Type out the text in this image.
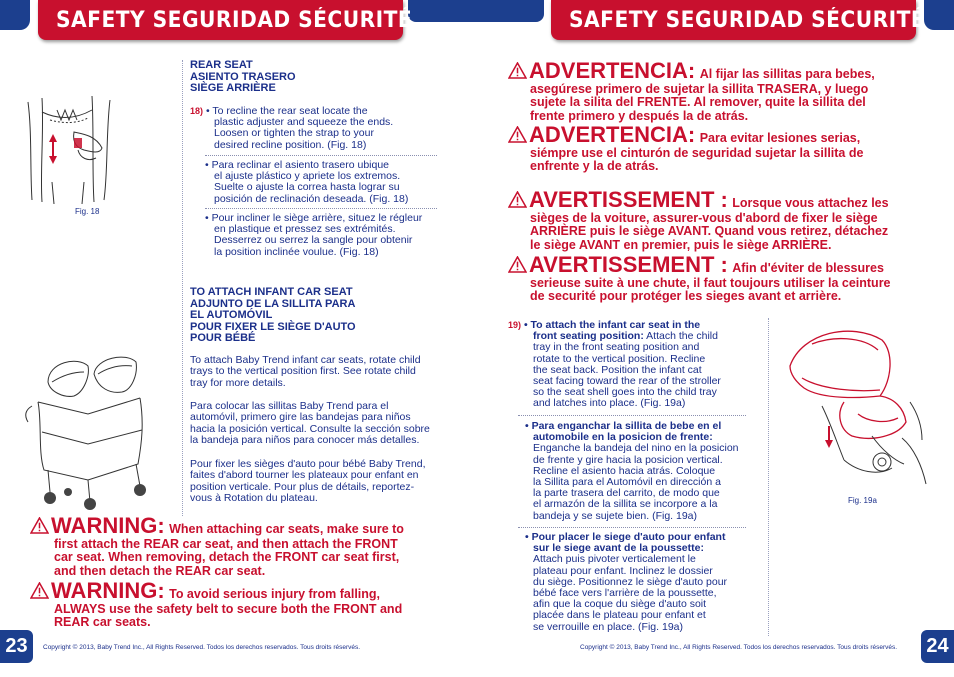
SAFETY SEGURIDAD SÉCURITÉ	SAFETY SEGURIDAD SÉCURITÉ
Fig. 18
REAR SEAT
ASIENTO TRASERO
SIÈGE ARRIÈRE
18) • To recline the rear seat locate the
plastic adjuster and squeeze the ends.
Loosen or tighten the strap to your
desired recline position. (Fig. 18)
• Para reclinar el asiento trasero ubique
el ajuste plástico y apriete los extremos.
Suelte o ajuste la correa hasta lograr su
posición de reclinación deseada. (Fig. 18)
• Pour incliner le siège arrière, situez le régleur
en plastique et pressez ses extrémités.
Desserrez ou serrez la sangle pour obtenir
la position inclinée voulue. (Fig. 18)
TO ATTACH INFANT CAR SEAT
ADJUNTO DE LA SILLITA PARA
EL AUTOMÓVIL
POUR FIXER LE SIÈGE D'AUTO
POUR BÉBÉ
To attach Baby Trend infant car seats, rotate child
trays to the vertical position first. See rotate child
tray for more details.
Para colocar las sillitas Baby Trend para el
automóvil, primero gire las bandejas para niños
hacia la posición vertical. Consulte la sección sobre
la bandeja para niños para conocer más detalles.
Pour fixer les sièges d'auto pour bébé Baby Trend,
faites d'abord tourner les plateaux pour enfant en
position verticale. Pour plus de détails, reportez-
vous à Rotation du plateau.
WARNING: When attaching car seats, make sure to
first attach the REAR car seat, and then attach the FRONT
car seat. When removing, detach the FRONT car seat first,
and then detach the REAR car seat.
WARNING: To avoid serious injury from falling,
ALWAYS use the safety belt to secure both the FRONT and
REAR car seats.
23	Copyright © 2013, Baby Trend Inc., All Rights Reserved. Todos los derechos reservados. Tous droits réservés.
ADVERTENCIA: Al fijar las sillitas para bebes,
asegúrese primero de sujetar la sillita TRASERA, y luego
sujete la silita del FRENTE. Al remover, quite la sillita del
frente primero y después la de atrás.
ADVERTENCIA: Para evitar lesiones serias,
siémpre use el cinturón de seguridad sujetar la sillita de
enfrente y la de atrás.
AVERTISSEMENT : Lorsque vous attachez les
sièges de la voiture, assurer-vous d'abord de fixer le siège
ARRIÈRE puis le siège AVANT. Quand vous retirez, détachez
le siège AVANT en premier, puis le siège ARRIÈRE.
AVERTISSEMENT : Afin d'éviter de blessures
serieuse suite à une chute, il faut toujours utiliser la ceinture
de securité pour protéger les sieges avant et arrière.
19) • To attach the infant car seat in the
front seating position: Attach the child
tray in the front seating position and
rotate to the vertical position. Recline
the seat back. Position the infant cat
seat facing toward the rear of the stroller
so the seat shell goes into the child tray
and latches into place. (Fig. 19a)
• Para enganchar la sillita de bebe en el
automobile en la posicion de frente:
Enganche la bandeja del nino en la posicion
de frente y gire hacia la posicion vertical.
Recline el asiento hacia atrás. Coloque
la Sillita para el Automóvil en dirección a
la parte trasera del carrito, de modo que
el armazón de la sillita se incorpore a la
bandeja y se sujete bien. (Fig. 19a)
• Pour placer le siege d'auto pour enfant
sur le siege avant de la poussette:
Attach puis pivoter verticalement le
plateau pour enfant. Inclinez le dossier
du siège. Positionnez le siège d'auto pour
bébé face vers l'arrière de la poussette,
afin que la coque du siège d'auto soit
placée dans le plateau pour enfant et
se verrouille en place. (Fig. 19a)
Fig. 19a
24
Copyright © 2013, Baby Trend Inc., All Rights Reserved. Todos los derechos reservados. Tous droits réservés.
